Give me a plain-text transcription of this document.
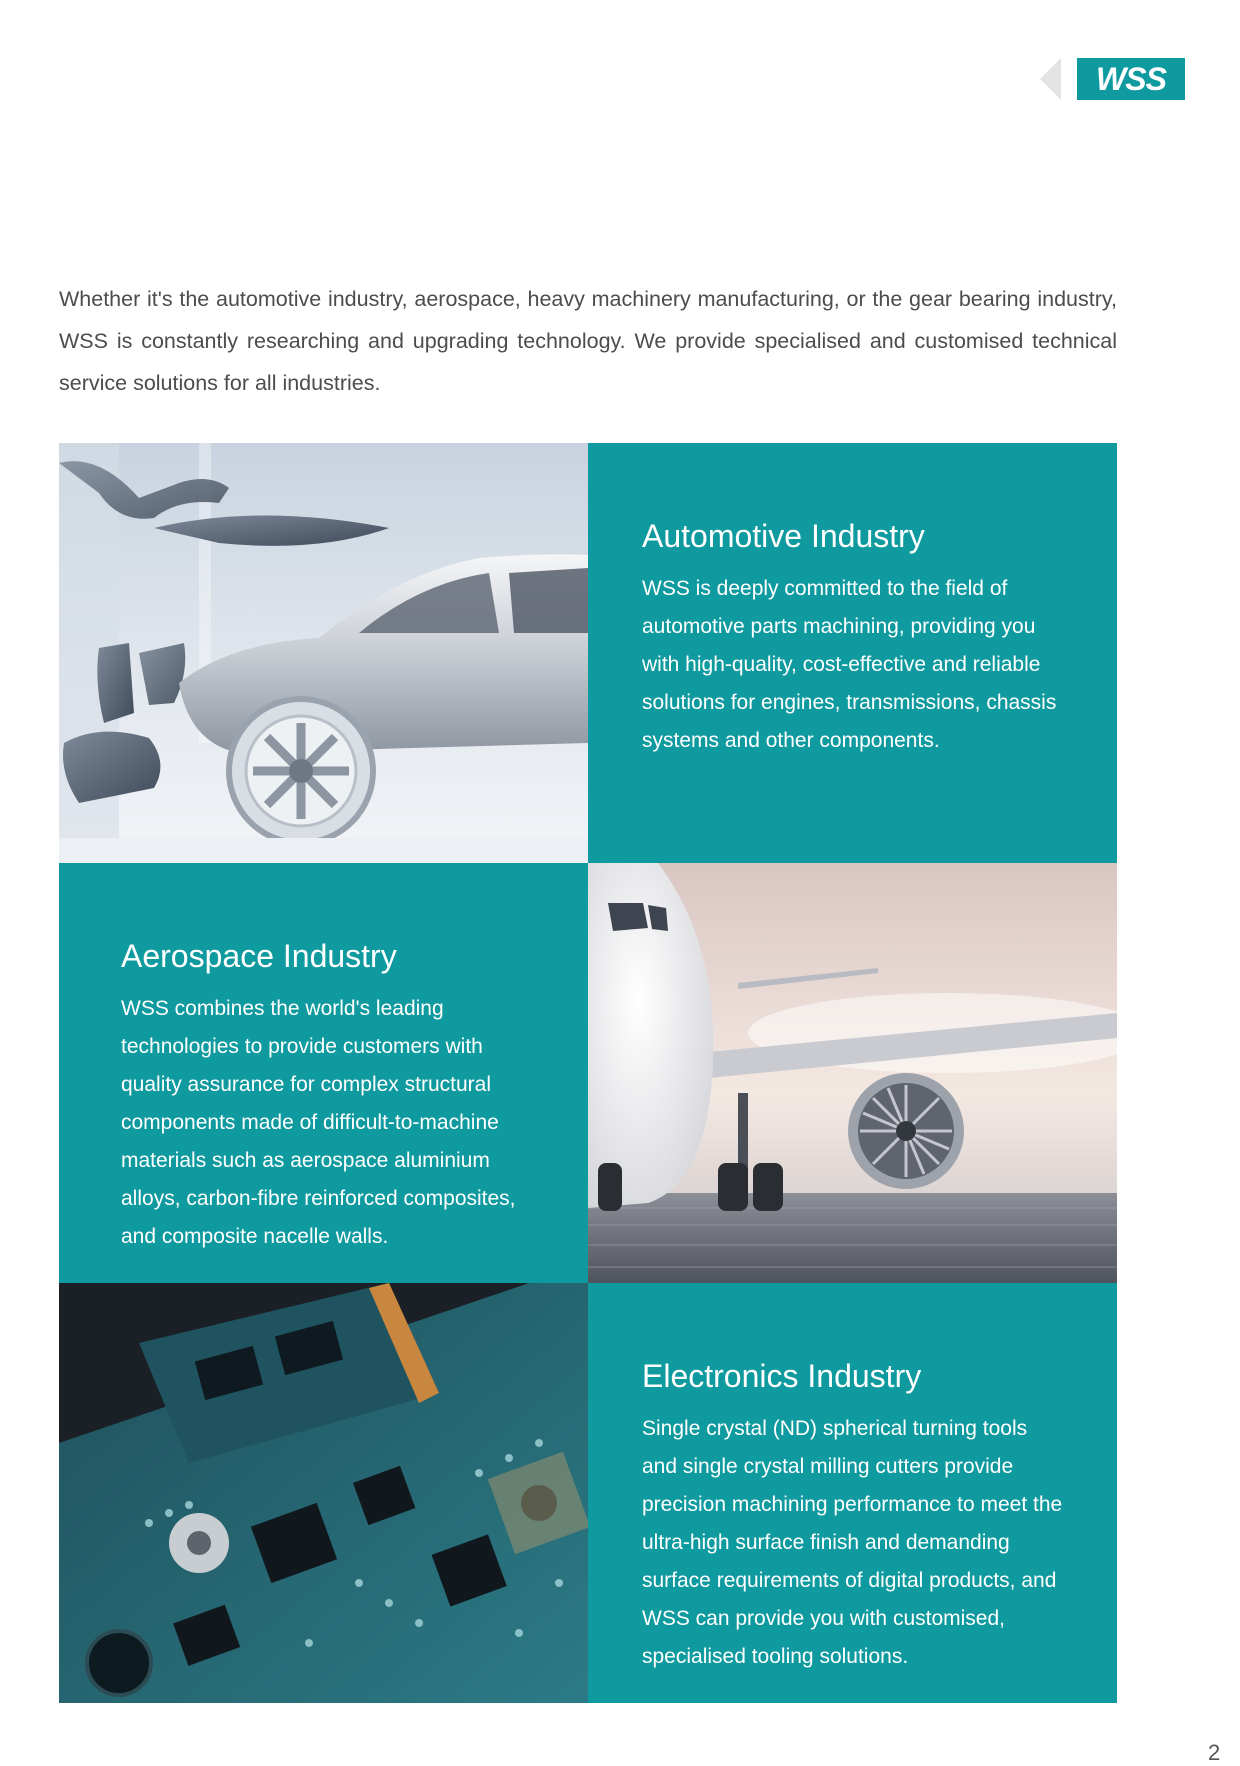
WSS

Whether it's the automotive industry, aerospace, heavy machinery manufacturing, or the gear bearing industry, WSS is constantly researching and upgrading technology. We provide specialised and customised technical service solutions for all industries.

Automotive Industry

WSS is deeply committed to the field of automotive parts machining, providing you with high-quality, cost-effective and reliable solutions for engines, transmissions, chassis systems and other components.

Aerospace Industry

WSS combines the world's leading technologies to provide customers with quality assurance for complex structural components made of difficult-to-machine materials such as aerospace aluminium alloys, carbon-fibre reinforced composites, and composite nacelle walls.

Electronics Industry

Single crystal (ND) spherical turning tools and single crystal milling cutters provide precision machining performance to meet the ultra-high surface finish and demanding surface requirements of digital products, and WSS can provide you with customised, specialised tooling solutions.

2
